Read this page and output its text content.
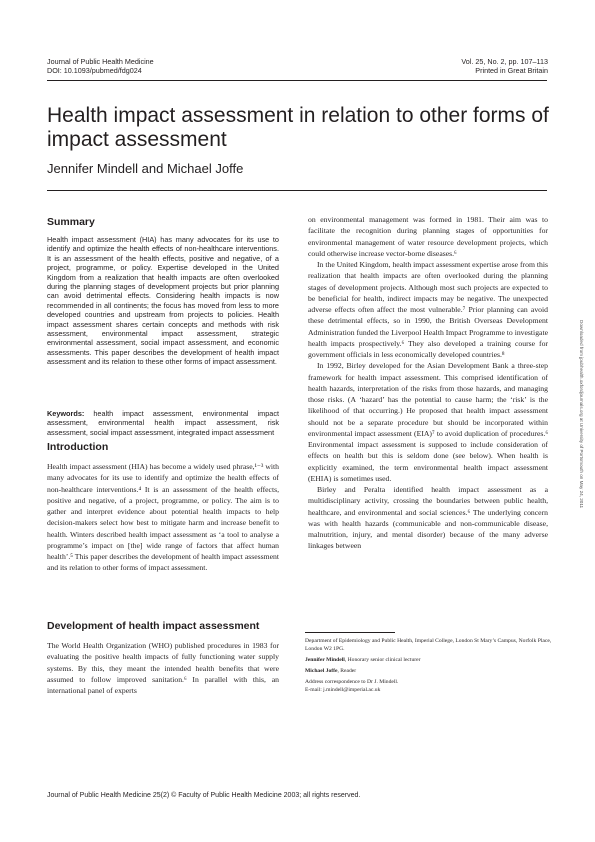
Journal of Public Health Medicine
DOI: 10.1093/pubmed/fdg024
Vol. 25, No. 2, pp. 107–113
Printed in Great Britain
Health impact assessment in relation to other forms of impact assessment
Jennifer Mindell and Michael Joffe
Summary

Health impact assessment (HIA) has many advocates for its use to identify and optimize the health effects of non-healthcare interventions. It is an assessment of the health effects, positive and negative, of a project, programme, or policy. Expertise developed in the United Kingdom from a realization that health impacts are often overlooked during the planning stages of development projects but prior planning can avoid detrimental effects. Considering health impacts is now recommended in all continents; the focus has moved from less to more developed countries and upstream from projects to policies. Health impact assessment shares certain concepts and methods with risk assessment, environmental impact assessment, strategic environmental assessment, social impact assessment, and economic assessments. This paper describes the development of health impact assessment and its relation to these other forms of impact assessment.

Keywords: health impact assessment, environmental impact assessment, environmental health impact assessment, risk assessment, social impact assessment, integrated impact assessment

Introduction

Health impact assessment (HIA) has become a widely used phrase,¹⁻³ with many advocates for its use to identify and optimize the health effects of non-healthcare interventions.⁴ It is an assessment of the health effects, positive and negative, of a project, programme, or policy. The aim is to gather and interpret evidence about potential health impacts to help decision-makers select how best to mitigate harm and increase benefit to health. Winters described health impact assessment as ‘a tool to analyse a programme’s impact on [the] wide range of factors that affect human health’.⁵ This paper describes the development of health impact assessment and its relation to other forms of impact assessment.

Development of health impact assessment

The World Health Organization (WHO) published procedures in 1983 for evaluating the positive health impacts of fully functioning water supply systems. By this, they meant the intended health benefits that were assumed to follow improved sanitation.⁶ In parallel with this, an international panel of experts

on environmental management was formed in 1981. Their aim was to facilitate the recognition during planning stages of opportunities for environmental management of water resource development projects, which could otherwise increase vector-borne diseases.⁶

In the United Kingdom, health impact assessment expertise arose from this realization that health impacts are often overlooked during the planning stages of development projects. Although most such projects are expected to be beneficial for health, indirect impacts may be negative. The unexpected adverse effects often affect the most vulnerable.⁷ Prior planning can avoid these detrimental effects, so in 1990, the British Overseas Development Administration funded the Liverpool Health Impact Programme to investigate health impacts prospectively.⁶ They also developed a training course for government officials in less economically developed countries.⁸

In 1992, Birley developed for the Asian Development Bank a three-step framework for health impact assessment. This comprised identification of health hazards, interpretation of the risks from those hazards, and managing those risks. (A ‘hazard’ has the potential to cause harm; the ‘risk’ is the likelihood of that occurring.) He proposed that health impact assessment should not be a separate procedure but should be incorporated within environmental impact assessment (EIA)⁷ to avoid duplication of procedures.⁶ Environmental impact assessment is supposed to include consideration of effects on health but this is seldom done (see below). When health is explicitly examined, the term environmental health impact assessment (EHIA) is sometimes used.

Birley and Peralta identified health impact assessment as a multidisciplinary activity, crossing the boundaries between public health, healthcare, and environmental and social sciences.⁶ The underlying concern was with health hazards (communicable and non-communicable disease, malnutrition, injury, and mental disorder) because of the many adverse linkages between

Department of Epidemiology and Public Health, Imperial College, London St Mary’s Campus, Norfolk Place, London W2 1PG.

Jennifer Mindell, Honorary senior clinical lecturer

Michael Joffe, Reader

Address correspondence to Dr J. Mindell.

E-mail: j.mindell@imperial.ac.uk

Journal of Public Health Medicine 25(2) © Faculty of Public Health Medicine 2003; all rights reserved.
Downloaded from jpubhealth.oxfordjournals.org at University of Portsmouth on May 24, 2011
